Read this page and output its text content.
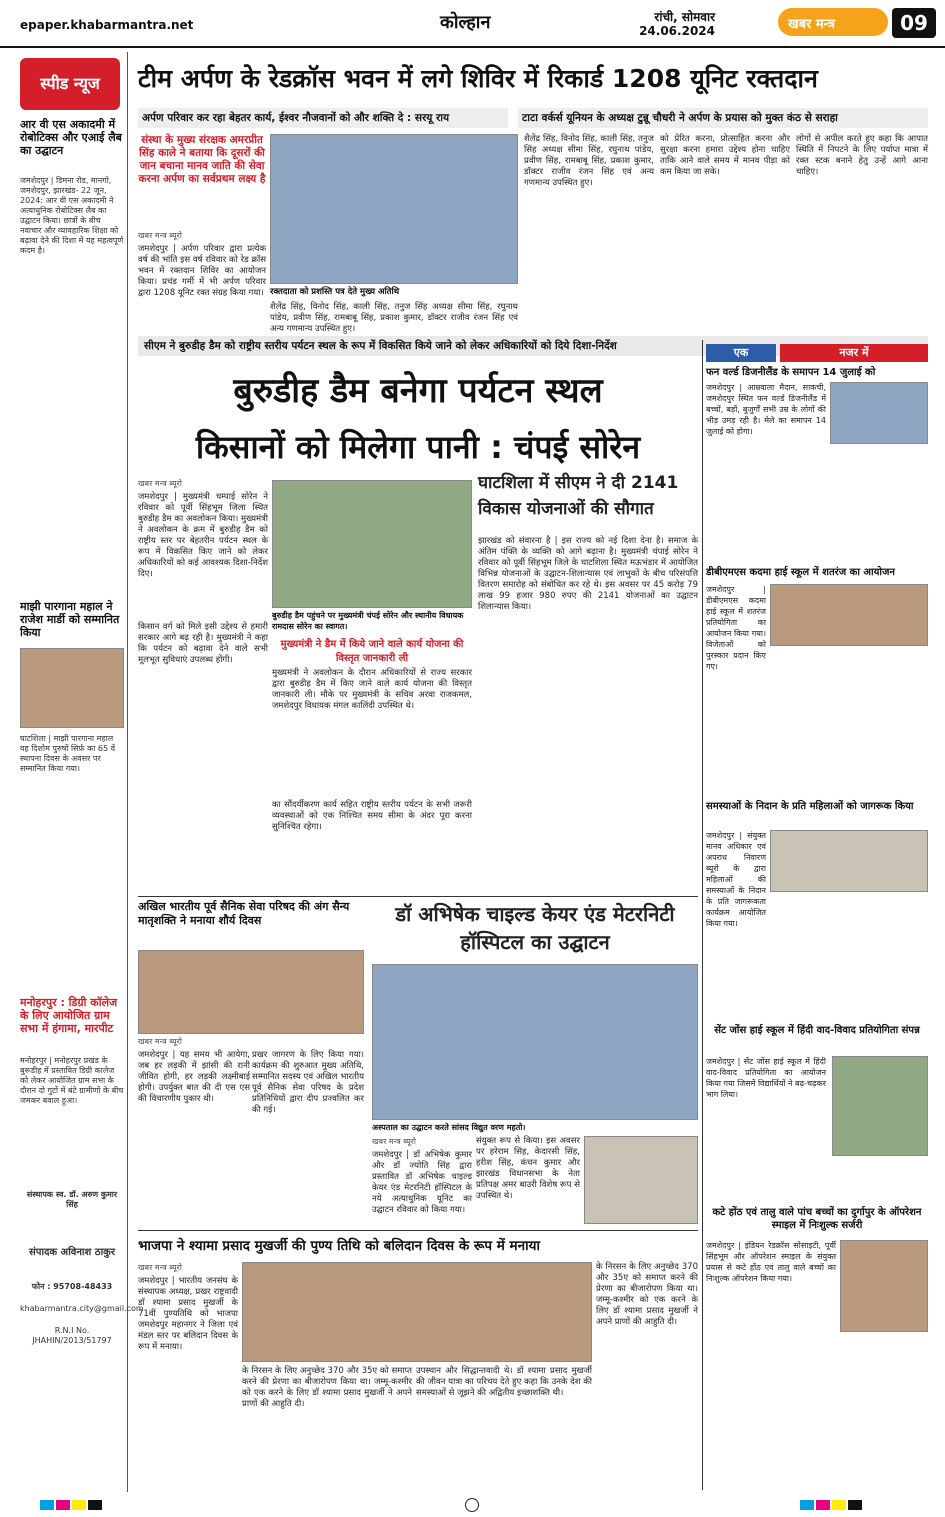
epaper.khabarmantra.net	कोल्हान	रांची, सोमवार
24.06.2024	खबर मन्त्र	09
स्पीड न्यूज
आर वी एस अकादमी में रोबोटिक्स और एआई लैब का उद्घाटन
जमशेदपुर | डिमना रोड, मानगो, जमशेदपुर, झारखंड- 22 जून, 2024: आर वी एस अकादमी ने अत्याधुनिक रोबोटिक्स लैब का उद्घाटन किया। छात्रों के बीच नवाचार और व्यावहारिक शिक्षा को बढ़ावा देने की दिशा में यह महत्वपूर्ण कदम है।
माझी पारगाना महाल ने राजेश मार्डी को सम्मानित किया
घाटशिला | माझी पारगाना महाल वह दिशोम पुरुषों सिर्फ़ का 65 वें स्थापना दिवस के अवसर पर सम्मानित किया गया।
मनोहरपुर : डिग्री कॉलेज के लिए आयोजित ग्राम सभा में हंगामा, मारपीट
मनोहरपुर | मनोहरपुर प्रखंड के बुरूडीह में प्रस्तावित डिग्री कालेज को लेकर आयोजित ग्राम सभा के दौरान दो गुटों में बंटे ग्रामीणों के बीच जमकर बवाल हुआ।
संस्थापक स्व. डॉ. अरुण कुमार सिंह
संपादक अविनाश ठाकुर
फोन : 95708-48433
khabarmantra.city@gmail.com
R.N.I No. JHAHIN/2013/51797
टीम अर्पण के रेडक्रॉस भवन में लगे शिविर में रिकार्ड 1208 यूनिट रक्तदान
अर्पण परिवार कर रहा बेहतर कार्य, ईश्वर नौजवानों को और शक्ति दे : सरयू राय	टाटा वर्कर्स यूनियन के अध्यक्ष टुन्नू चौधरी ने अर्पण के प्रयास को मुक्त कंठ से सराहा
संस्था के मुख्य संरक्षक अमरप्रीत सिंह काले ने बताया कि दूसरों की जान बचाना मानव जाति की सेवा करना अर्पण का सर्वप्रथम लक्ष्य है
खबर मन्त्र ब्यूरो
जमशेदपुर | अर्पण परिवार द्वारा प्रत्येक वर्ष की भांति इस वर्ष रविवार को रेड क्रॉस भवन में रक्तदान शिविर का आयोजन किया। प्रचंड गर्मी में भी अर्पण परिवार द्वारा 1208 यूनिट रक्त संग्रह किया गया। रक्तदाता को प्रशस्ति पत्र देते मुख्य अतिथि
शैलेंद्र सिंह, विनोद सिंह, काली सिंह, तनुज सिंह अध्यक्ष सीमा सिंह, रघुनाथ पांडेय, प्रवीण सिंह, रामबाबू सिंह, प्रकाश कुमार, डॉक्टर राजीव रंजन सिंह एवं अन्य गणमान्य उपस्थित हुए।
शैलेंद्र सिंह, विनोद सिंह, काली सिंह, तनुज सिंह अध्यक्ष सीमा सिंह, रघुनाथ पांडेय, प्रवीण सिंह, रामबाबू सिंह, प्रकाश कुमार, डॉक्टर राजीव रंजन सिंह एवं अन्य गणमान्य उपस्थित हुए।
को प्रेरित करना, प्रोत्साहित करना और सुरक्षा करना हमारा उद्देश्य होना चाहिए ताकि आने वाले समय में मानव पीड़ा को कम किया जा सके।
लोगों से अपील करते हुए कहा कि आपात स्थिति में निपटने के लिए पर्याप्त मात्रा में रक्त स्टक बनाने हेतु उन्हें आगे आना चाहिए।
सीएम ने बुरुडीह डैम को राष्ट्रीय स्तरीय पर्यटन स्थल के रूप में विकसित किये जाने को लेकर अधिकारियों को दिये दिशा-निर्देश
बुरुडीह डैम बनेगा पर्यटन स्थल
किसानों को मिलेगा पानी : चंपई सोरेन
खबर मन्त्र ब्यूरो
जमशेदपुर | मुख्यमंत्री चम्पाई सोरेन ने रविवार को पूर्वी सिंहभूम जिला स्थित बुरुडीह डैम का अवलोकन किया। मुख्यमंत्री ने अवलोकन के क्रम में बुरुडीह डैम को राष्ट्रीय स्तर पर बेहतरीन पर्यटन स्थल के रूप में विकसित किए जाने को लेकर अधिकारियों को कई आवश्यक दिशा-निर्देश दिए।
बुरुडीह डैम पहुंचने पर मुख्यमंत्री चंपई सोरेन और स्थानीय विधायक रामदास सोरेन का स्वागत।
घाटशिला में सीएम ने दी 2141 विकास योजनाओं की सौगात
झारखंड को संवारना है | इस राज्य को नई दिशा देना है। समाज के अंतिम पंक्ति के व्यक्ति को आगे बढ़ाना है। मुख्यमंत्री चंपाई सोरेन ने रविवार को पूर्वी सिंहभूम जिले के घाटशिला स्थित मऊभंडार में आयोजित विभिन्न योजनाओं के उद्घाटन-शिलान्यास एवं लाभुकों के बीच परिसंपत्ति वितरण समारोह को संबोधित कर रहे थे। इस अवसर पर 45 करोड़ 79 लाख 99 हजार 980 रुपए की 2141 योजनाओं का उद्घाटन शिलान्यास किया।
मुख्यमंत्री ने डैम में किये जाने वाले कार्य योजना की विस्तृत जानकारी ली
किसान वर्ग को मिले इसी उद्देश्य से हमारी सरकार आगे बढ़ रही है। मुख्यमंत्री ने कहा कि पर्यटन को बढ़ावा देने वाले सभी मूलभूत सुविधाएं उपलब्ध होंगी।
मुख्यमंत्री ने अवलोकन के दौरान अधिकारियों से राज्य सरकार द्वारा बुरुडीह डैम में किए जाने वाले कार्य योजना की विस्तृत जानकारी ली। मौके पर मुख्यमंत्री के सचिव अरवा राजकमल, जमशेदपुर विधायक मंगल कालिंदी उपस्थित थे।
का सौंदर्यीकरण कार्य सहित राष्ट्रीय स्तरीय पर्यटन के सभी जरूरी व्यवस्थाओं को एक निश्चित समय सीमा के अंदर पूरा करना सुनिश्चित रहेगा।
एक	नजर में
फन वर्ल्ड डिजनीलैंड के समापन 14 जुलाई को
जमशेदपुर | आम्रवाला मैदान, साकची, जमशेदपुर स्थित फन वर्ल्ड डिजनीलैंड में बच्चों, बड़ों, बुजुर्गों सभी उम्र के लोगों की भीड़ उमड़ रही है। मेले का समापन 14 जुलाई को होगा।
डीबीएमएस कदमा हाई स्कूल में शतरंज का आयोजन
जमशेदपुर | डीबीएमएस कदमा हाई स्कूल में शतरंज प्रतियोगिता का आयोजन किया गया। विजेताओं को पुरस्कार प्रदान किए गए।
समस्याओं के निदान के प्रति महिलाओं को जागरूक किया
जमशेदपुर | संयुक्त मानव अधिकार एवं अपराध निवारण ब्यूरो के द्वारा महिलाओं की समस्याओं के निदान के प्रति जागरूकता कार्यक्रम आयोजित किया गया।
सेंट जोंस हाई स्कूल में हिंदी वाद-विवाद प्रतियोगिता संपन्न
जमशेदपुर | सेंट जोंस हाई स्कूल में हिंदी वाद-विवाद प्रतियोगिता का आयोजन किया गया जिसमें विद्यार्थियों ने बढ़-चढ़कर भाग लिया।
कटे होंठ एवं तालु वाले पांच बच्चों का दुर्गापुर के ऑपरेशन स्माइल में निःशुल्क सर्जरी
जमशेदपुर | इंडियन रेडक्रॉस सोसाइटी, पूर्वी सिंहभूम और ऑपरेशन स्माइल के संयुक्त प्रयास से कटे होंठ एवं तालु वाले बच्चों का निःशुल्क ऑपरेशन किया गया।
अखिल भारतीय पूर्व सैनिक सेवा परिषद की अंग सैन्य मातृशक्ति ने मनाया शौर्य दिवस
खबर मन्त्र ब्यूरो
जमशेदपुर | यह समय भी आयेगा, जब हर लड़की में झांसी की रानी जीवित होगी, हर लड़की लक्ष्मीबाई होगी। उपर्युक्त बात की दी एस एस की विचारणीय पुकार थी।
प्रखर जागरण के लिए किया गया। कार्यक्रम की शुरुआत मुख्य अतिथि, सम्मानित सदस्य एवं अखिल भारतीय पूर्व सैनिक सेवा परिषद के प्रदेश प्रतिनिधियों द्वारा दीप प्रज्वलित कर की गई।
डॉ अभिषेक चाइल्ड केयर एंड मेटरनिटी हॉस्पिटल का उद्घाटन
अस्पताल का उद्घाटन करते सांसद विद्युत वरण महतो।
खबर मन्त्र ब्यूरो
जमशेदपुर | डॉ अभिषेक कुमार और डॉ ज्योति सिंह द्वारा प्रस्तावित डॉ अभिषेक चाइल्ड केयर एंड मेटरनिटी हॉस्पिटल के नये अत्याधुनिक यूनिट का उद्घाटन रविवार को किया गया।
संयुक्त रूप से किया। इस अवसर पर हरेराम सिंह, केदारसी सिंह, हरीश सिंह, कंचन कुमार और झारखंड विधानसभा के नेता प्रतिपक्ष अमर बाउरी विशेष रूप से उपस्थित थे।
भाजपा ने श्यामा प्रसाद मुखर्जी की पुण्य तिथि को बलिदान दिवस के रूप में मनाया
खबर मन्त्र ब्यूरो
जमशेदपुर | भारतीय जनसंघ के संस्थापक अध्यक्ष, प्रखर राष्ट्रवादी डॉ श्यामा प्रसाद मुखर्जी के 71वीं पुण्यतिथि को भाजपा जमशेदपुर महानगर ने जिला एवं मंडल स्तर पर बलिदान दिवस के रूप में मनाया।
के निरसन के लिए अनुच्छेद 370 और 35ए को समाप्त करने की प्रेरणा का बीजारोपण किया था। जम्मू-कश्मीर को एक करने के लिए डॉ श्यामा प्रसाद मुखर्जी ने अपने प्राणों की आहुति दी।
उपस्थान और सिद्धान्तवादी थे। डॉ श्यामा प्रसाद मुखर्जी की जीवन यात्रा का परिचय देते हुए कहा कि उनके देश की समस्याओं से जूझने की अद्वितीय इच्छाशक्ति थी।
के निरसन के लिए अनुच्छेद 370 और 35ए को समाप्त करने की प्रेरणा का बीजारोपण किया था। जम्मू-कश्मीर को एक करने के लिए डॉ श्यामा प्रसाद मुखर्जी ने अपने प्राणों की आहुति दी।
